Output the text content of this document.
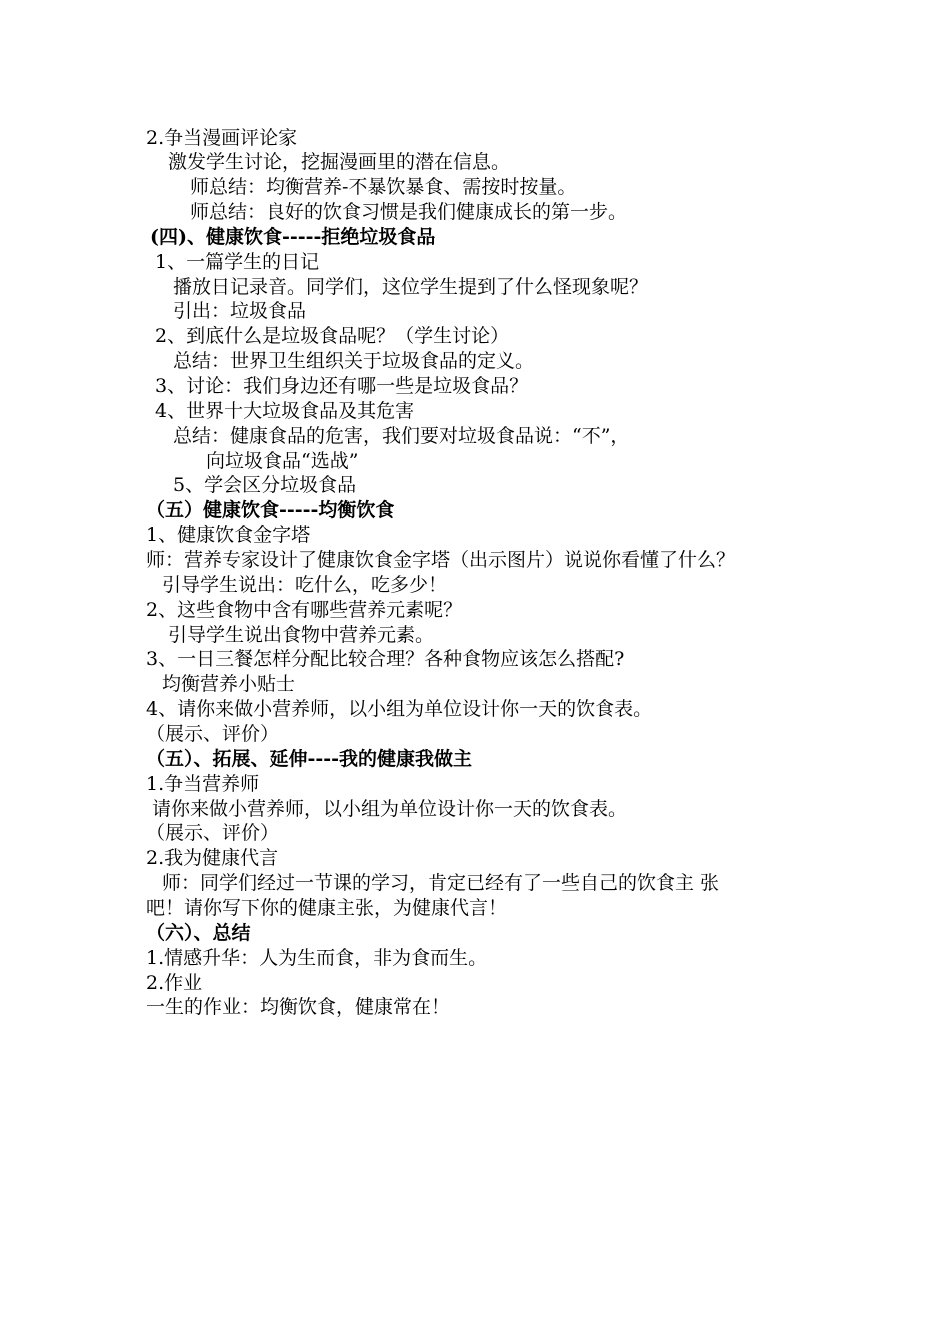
2.争当漫画评论家
激发学生讨论，挖掘漫画里的潜在信息。
师总结：均衡营养-不暴饮暴食、需按时按量。
师总结：良好的饮食习惯是我们健康成长的第一步。
(四)、健康饮食-----拒绝垃圾食品
1、一篇学生的日记
播放日记录音。同学们，这位学生提到了什么怪现象呢？
引出：垃圾食品
2、到底什么是垃圾食品呢？（学生讨论）
总结：世界卫生组织关于垃圾食品的定义。
3、讨论：我们身边还有哪一些是垃圾食品？
4、世界十大垃圾食品及其危害
总结：健康食品的危害，我们要对垃圾食品说：“不”，
向垃圾食品“选战”
5、学会区分垃圾食品
（五）健康饮食-----均衡饮食
1、健康饮食金字塔
师：营养专家设计了健康饮食金字塔（出示图片）说说你看懂了什么？
引导学生说出：吃什么，吃多少！
2、这些食物中含有哪些营养元素呢？
引导学生说出食物中营养元素。
3、一日三餐怎样分配比较合理？各种食物应该怎么搭配?
均衡营养小贴士
4、请你来做小营养师，以小组为单位设计你一天的饮食表。
（展示、评价）
（五）、拓展、延伸----我的健康我做主
1.争当营养师
请你来做小营养师，以小组为单位设计你一天的饮食表。
（展示、评价）
2.我为健康代言
师：同学们经过一节课的学习，肯定已经有了一些自己的饮食主 张
吧！请你写下你的健康主张，为健康代言！
（六）、总结
1.情感升华：人为生而食，非为食而生。
2.作业
一生的作业：均衡饮食，健康常在！
